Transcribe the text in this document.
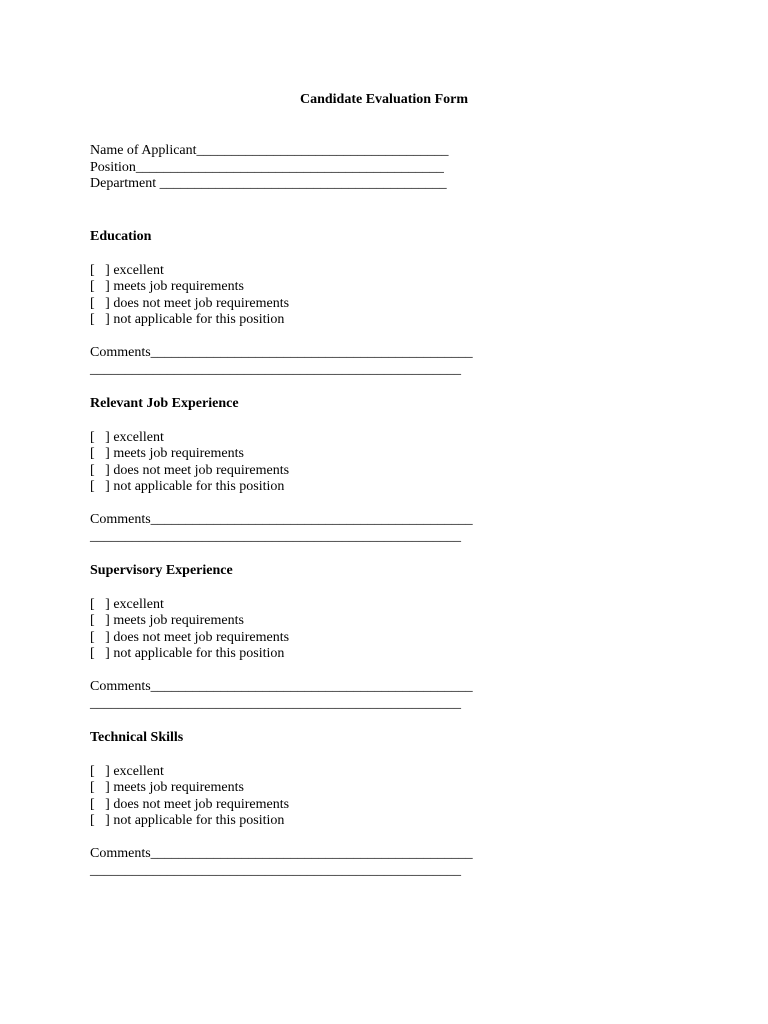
Candidate Evaluation Form
Name of Applicant____________________________________
Position____________________________________________
Department _________________________________________
Education
[   ] excellent
[   ] meets job requirements
[   ] does not meet job requirements
[   ] not applicable for this position
Comments______________________________________________
_____________________________________________________
Relevant Job Experience
[   ] excellent
[   ] meets job requirements
[   ] does not meet job requirements
[   ] not applicable for this position
Comments______________________________________________
_____________________________________________________
Supervisory Experience
[   ] excellent
[   ] meets job requirements
[   ] does not meet job requirements
[   ] not applicable for this position
Comments______________________________________________
_____________________________________________________
Technical Skills
[   ] excellent
[   ] meets job requirements
[   ] does not meet job requirements
[   ] not applicable for this position
Comments______________________________________________
_____________________________________________________
